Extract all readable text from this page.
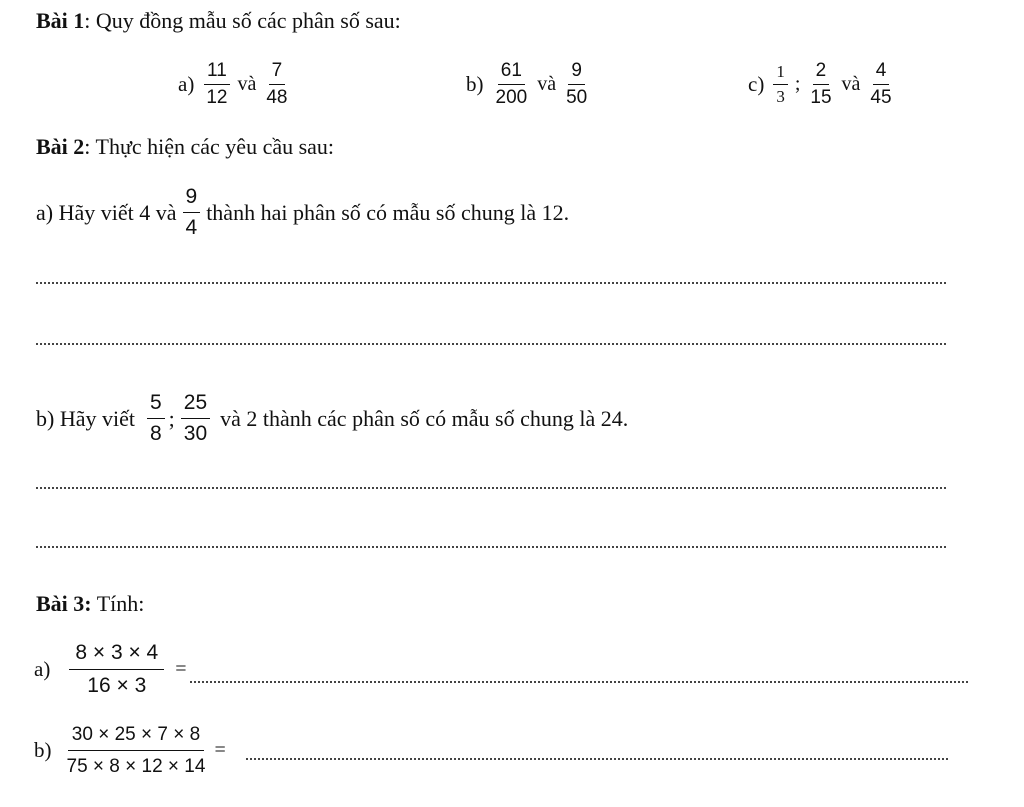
Bài 1: Quy đồng mẫu số các phân số sau:
$a) \frac{11}{12}$ và $\frac{7}{48}$	$b) \frac{61}{200}$ và $\frac{9}{50}$	$c) \frac{1}{3}$ ; $\frac{2}{15}$ và $\frac{4}{45}$
Bài 2: Thực hiện các yêu cầu sau:
a) Hãy viết 4 và $\frac{9}{4}$ thành hai phân số có mẫu số chung là 12.
b) Hãy viết $\frac{5}{8}$ ; $\frac{25}{30}$ và 2 thành các phân số có mẫu số chung là 24.
Bài 3: Tính:
$a) \frac{8 \times 3 \times 4}{16 \times 3}$ =
$b) \frac{30 \times 25 \times 7 \times 8}{75 \times 8 \times 12 \times 14}$ =
